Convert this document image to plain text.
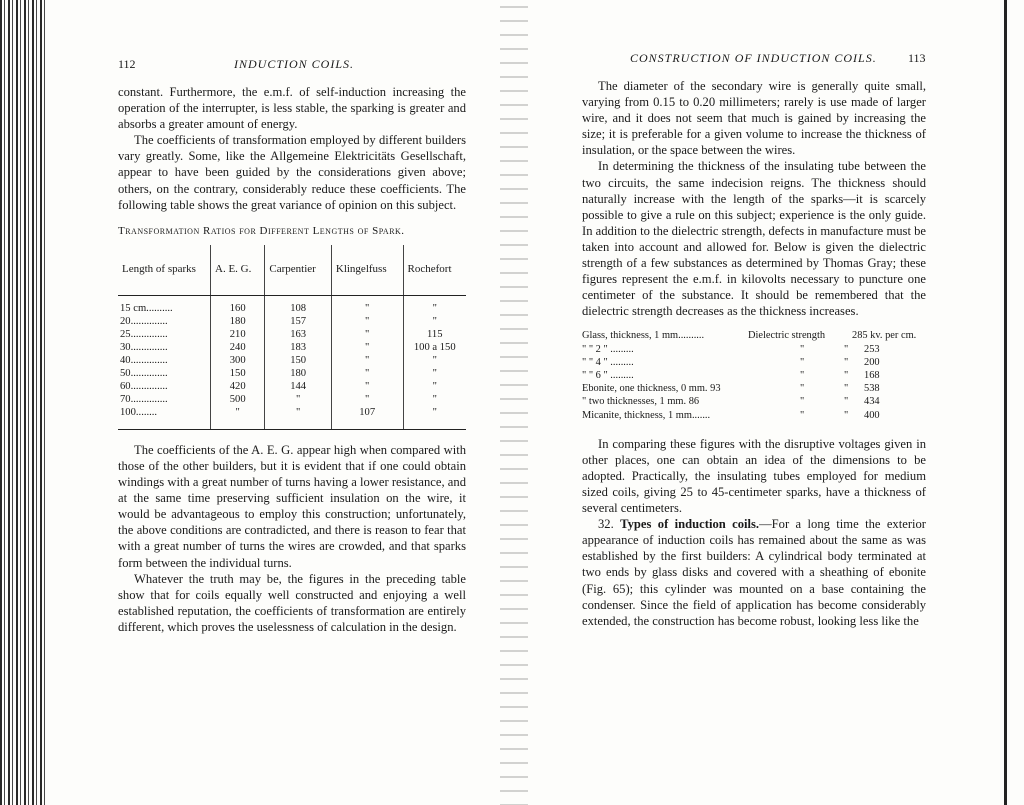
112	INDUCTION COILS.

constant. Furthermore, the e.m.f. of self-induction increasing the operation of the interrupter, is less stable, the sparking is greater and absorbs a greater amount of energy.

The coefficients of transformation employed by different builders vary greatly. Some, like the Allgemeine Elektricitäts Gesellschaft, appear to have been guided by the considerations given above; others, on the contrary, considerably reduce these coefficients. The following table shows the great variance of opinion on this subject.

Transformation Ratios for Different Lengths of Spark.
Length of sparks	A. E. G.	Carpentier	Klingelfuss	Rochefort
15 cm..........	160	108	"	"
20..............	180	157	"	"
25..............	210	163	"	115
30..............	240	183	"	100 a 150
40..............	300	150	"	"
50..............	150	180	"	"
60..............	420	144	"	"
70..............	500	"	"	"
100........	"	"	107	"

The coefficients of the A. E. G. appear high when compared with those of the other builders, but it is evident that if one could obtain windings with a great number of turns having a lower resistance, and at the same time preserving sufficient insulation on the wire, it would be advantageous to employ this construction; unfortunately, the above conditions are contradicted, and there is reason to fear that with a great number of turns the wires are crowded, and that sparks form between the individual turns.

Whatever the truth may be, the figures in the preceding table show that for coils equally well constructed and enjoying a well established reputation, the coefficients of transformation are entirely different, which proves the uselessness of calculation in the design.

CONSTRUCTION OF INDUCTION COILS.	113

The diameter of the secondary wire is generally quite small, varying from 0.15 to 0.20 millimeters; rarely is use made of larger wire, and it does not seem that much is gained by increasing the size; it is preferable for a given volume to increase the thickness of insulation, or the space between the wires.

In determining the thickness of the insulating tube between the two circuits, the same indecision reigns. The thickness should naturally increase with the length of the sparks—it is scarcely possible to give a rule on this subject; experience is the only guide. In addition to the dielectric strength, defects in manufacture must be taken into account and allowed for. Below is given the dielectric strength of a few substances as determined by Thomas Gray; these figures represent the e.m.f. in kilovolts necessary to puncture one centimeter of the substance. It should be remembered that the dielectric strength decreases as the thickness increases.

Glass, thickness, 1 mm..........	Dielectric strength	285 kv. per cm.
" " 2 " .........	"	" 253
" " 4 " .........	"	" 200
" " 6 " .........	"	" 168
Ebonite, one thickness, 0 mm. 93	"	" 538
" two thicknesses, 1 mm. 86	"	" 434
Micanite, thickness, 1 mm.......	"	" 400

In comparing these figures with the disruptive voltages given in other places, one can obtain an idea of the dimensions to be adopted. Practically, the insulating tubes employed for medium sized coils, giving 25 to 45-centimeter sparks, have a thickness of several centimeters.

32. Types of induction coils.—For a long time the exterior appearance of induction coils has remained about the same as was established by the first builders: A cylindrical body terminated at two ends by glass disks and covered with a sheathing of ebonite (Fig. 65); this cylinder was mounted on a base containing the condenser. Since the field of application has become considerably extended, the construction has become robust, looking less like the
